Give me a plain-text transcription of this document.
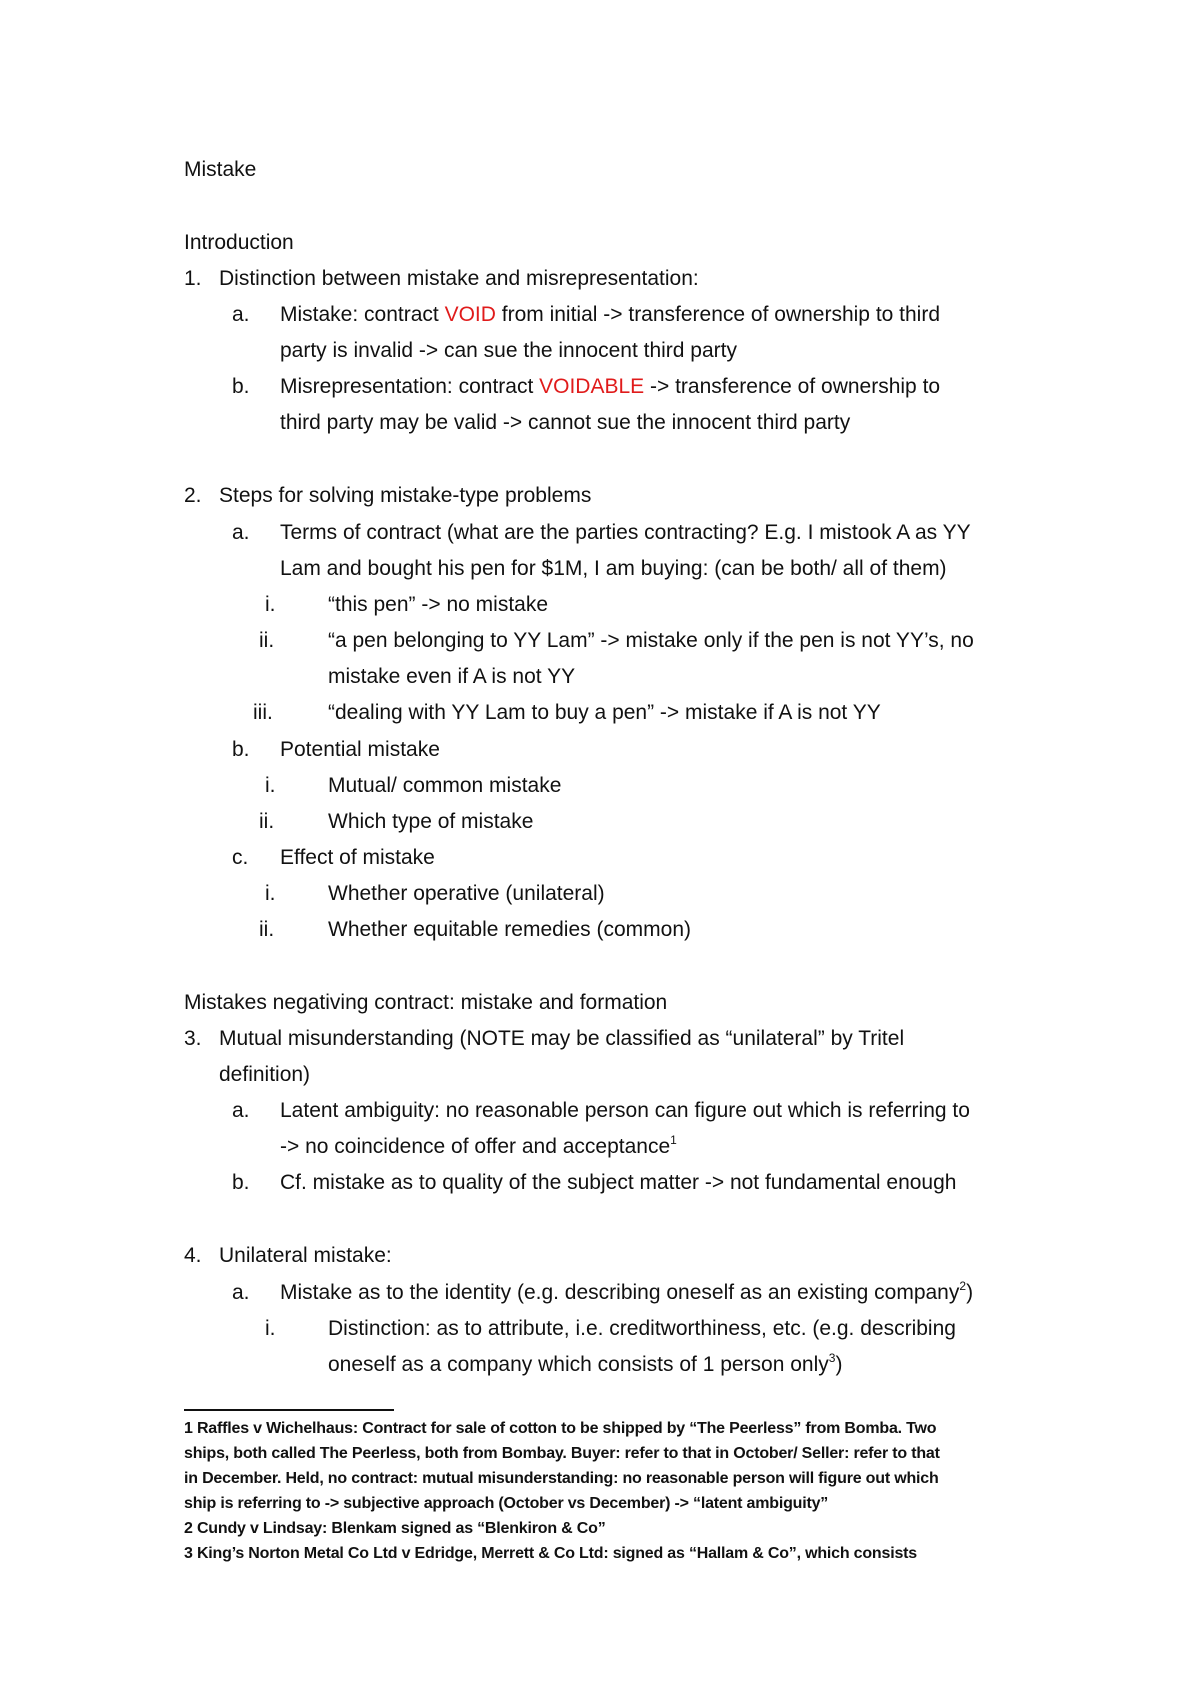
Mistake
Introduction
1. Distinction between mistake and misrepresentation:
a. Mistake: contract VOID from initial -> transference of ownership to third
party is invalid -> can sue the innocent third party
b. Misrepresentation: contract VOIDABLE -> transference of ownership to
third party may be valid -> cannot sue the innocent third party
2. Steps for solving mistake-type problems
a. Terms of contract (what are the parties contracting? E.g. I mistook A as YY
Lam and bought his pen for $1M, I am buying: (can be both/ all of them)
i.	“this pen” -> no mistake
ii.	“a pen belonging to YY Lam” -> mistake only if the pen is not YY’s, no
mistake even if A is not YY
iii.	“dealing with YY Lam to buy a pen” -> mistake if A is not YY
b. Potential mistake
i.	Mutual/ common mistake
ii.	Which type of mistake
c. Effect of mistake
i.	Whether operative (unilateral)
ii.	Whether equitable remedies (common)
Mistakes negativing contract: mistake and formation
3. Mutual misunderstanding (NOTE may be classified as “unilateral” by Tritel
definition)
a. Latent ambiguity: no reasonable person can figure out which is referring to
-> no coincidence of offer and acceptance$^1$
b. Cf. mistake as to quality of the subject matter -> not fundamental enough
4. Unilateral mistake:
a. Mistake as to the identity (e.g. describing oneself as an existing company$^2$)
i.	Distinction: as to attribute, i.e. creditworthiness, etc. (e.g. describing
oneself as a company which consists of 1 person only$^3$)
1 Raffles v Wichelhaus: Contract for sale of cotton to be shipped by “The Peerless” from Bomba. Two
ships, both called The Peerless, both from Bombay. Buyer: refer to that in October/ Seller: refer to that
in December. Held, no contract: mutual misunderstanding: no reasonable person will figure out which
ship is referring to -> subjective approach (October vs December) -> “latent ambiguity”
2 Cundy v Lindsay: Blenkam signed as “Blenkiron & Co”
3 King’s Norton Metal Co Ltd v Edridge, Merrett & Co Ltd: signed as “Hallam & Co”, which consists
